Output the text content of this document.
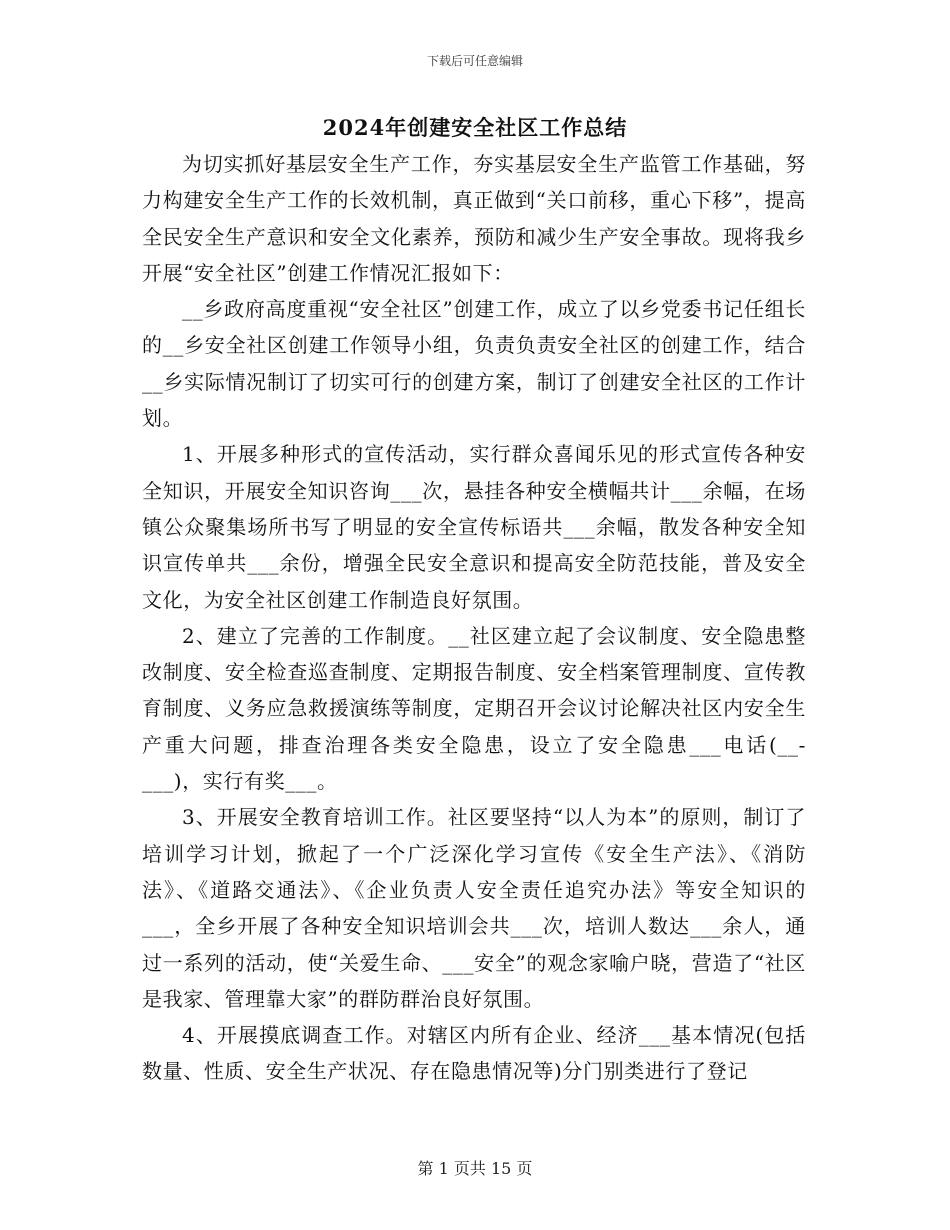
下载后可任意编辑
2024年创建安全社区工作总结

为切实抓好基层安全生产工作，夯实基层安全生产监管工作基础，努力构建安全生产工作的长效机制，真正做到“关口前移，重心下移”，提高全民安全生产意识和安全文化素养，预防和减少生产安全事故。现将我乡开展“安全社区”创建工作情况汇报如下：

__乡政府高度重视“安全社区”创建工作，成立了以乡党委书记任组长的__乡安全社区创建工作领导小组，负责负责安全社区的创建工作，结合__乡实际情况制订了切实可行的创建方案，制订了创建安全社区的工作计划。

1、开展多种形式的宣传活动，实行群众喜闻乐见的形式宣传各种安全知识，开展安全知识咨询___次，悬挂各种安全横幅共计___余幅，在场镇公众聚集场所书写了明显的安全宣传标语共___余幅，散发各种安全知识宣传单共___余份，增强全民安全意识和提高安全防范技能，普及安全文化，为安全社区创建工作制造良好氛围。

2、建立了完善的工作制度。__社区建立起了会议制度、安全隐患整改制度、安全检查巡查制度、定期报告制度、安全档案管理制度、宣传教育制度、义务应急救援演练等制度，定期召开会议讨论解决社区内安全生产重大问题，排查治理各类安全隐患，设立了安全隐患___电话(__-___)，实行有奖___。

3、开展安全教育培训工作。社区要坚持“以人为本”的原则，制订了培训学习计划，掀起了一个广泛深化学习宣传《安全生产法》、《消防法》、《道路交通法》、《企业负责人安全责任追究办法》等安全知识的___，全乡开展了各种安全知识培训会共___次，培训人数达___余人，通过一系列的活动，使“关爱生命、___安全”的观念家喻户晓，营造了“社区是我家、管理靠大家”的群防群治良好氛围。

4、开展摸底调查工作。对辖区内所有企业、经济___基本情况(包括数量、性质、安全生产状况、存在隐患情况等)分门别类进行了登记

第 1 页共 15 页
